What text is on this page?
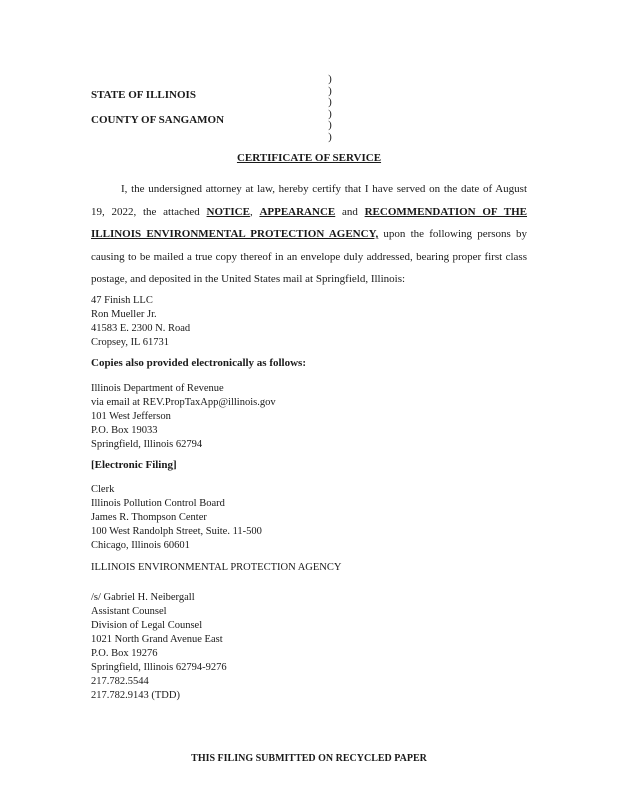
STATE OF ILLINOIS
COUNTY OF SANGAMON
)
)
)
)
)
)
CERTIFICATE OF SERVICE
I, the undersigned attorney at law, hereby certify that I have served on the date of August 19, 2022, the attached NOTICE, APPEARANCE and RECOMMENDATION OF THE ILLINOIS ENVIRONMENTAL PROTECTION AGENCY, upon the following persons by causing to be mailed a true copy thereof in an envelope duly addressed, bearing proper first class postage, and deposited in the United States mail at Springfield, Illinois:
47 Finish LLC
Ron Mueller Jr.
41583 E. 2300 N. Road
Cropsey, IL 61731
Copies also provided electronically as follows:
Illinois Department of Revenue
via email at REV.PropTaxApp@illinois.gov
101 West Jefferson
P.O. Box 19033
Springfield, Illinois 62794
[Electronic Filing]
Clerk
Illinois Pollution Control Board
James R. Thompson Center
100 West Randolph Street, Suite. 11-500
Chicago, Illinois 60601
ILLINOIS ENVIRONMENTAL PROTECTION AGENCY
/s/ Gabriel H. Neibergall
Assistant Counsel
Division of Legal Counsel
1021 North Grand Avenue East
P.O. Box 19276
Springfield, Illinois 62794-9276
217.782.5544
217.782.9143 (TDD)
THIS FILING SUBMITTED ON RECYCLED PAPER
